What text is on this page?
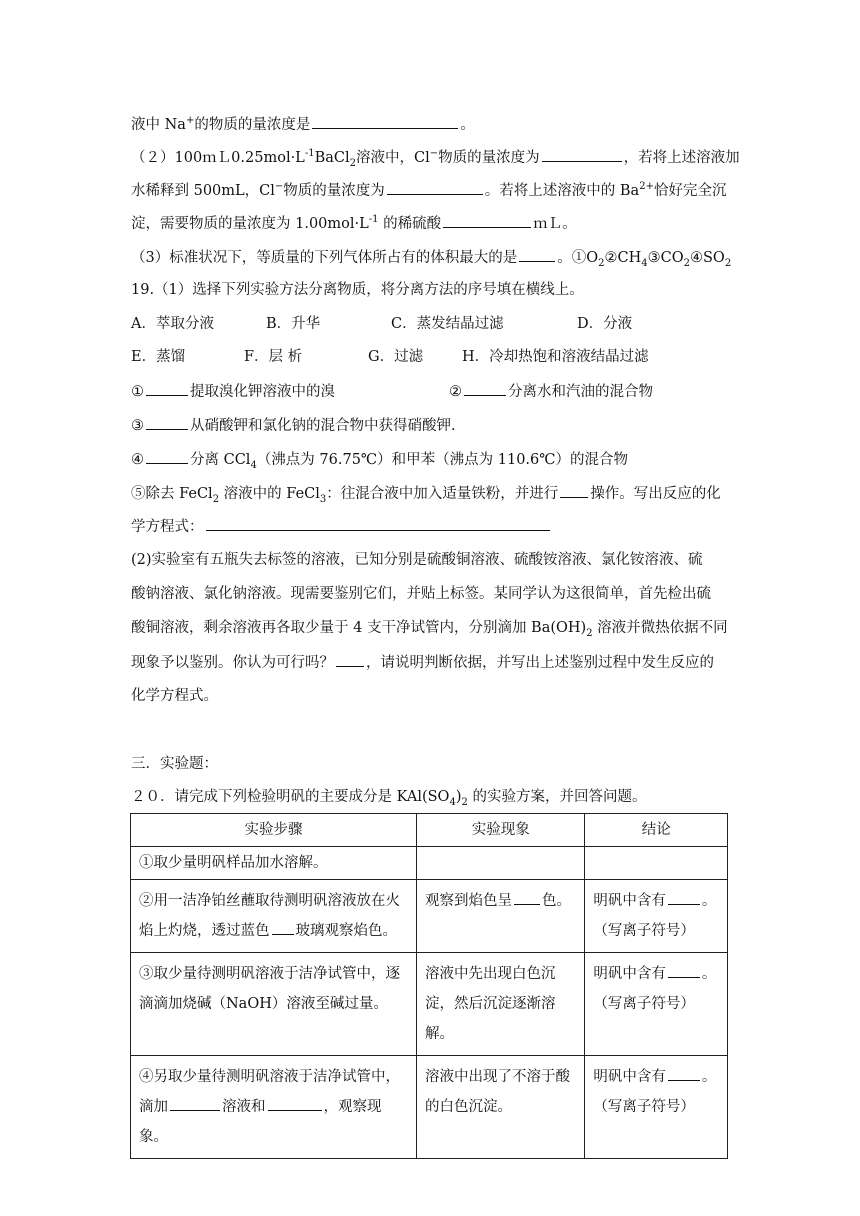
液中 Na+的物质的量浓度是	。
$(2)100mL0.25mol\cdot L^{-1}BaCl_2$溶液中，Cl−物质的量浓度为	，若将上述溶液加
水稀释到 500mL，Cl−物质的量浓度为	。若将上述溶液中的 $Ba^{2+}$恰好完全沉
淀，需要物质的量浓度为 $1.00mol\cdot L^{-1}$ 的稀硫酸	ｍＬ。
（3）标准状况下，等质量的下列气体所占有的体积最大的是	。$①O_2②CH_4③CO_2④SO_2$
19.（1）选择下列实验方法分离物质，将分离方法的序号填在横线上。
A．萃取分液	B．升华	C．蒸发结晶过滤	D．分液
E．蒸馏	F．层 析	G．过滤	H．冷却热饱和溶液结晶过滤
①	提取溴化钾溶液中的溴	②	分离水和汽油的混合物
③	从硝酸钾和氯化钠的混合物中获得硝酸钾.
④	分离 CCl$_4$（沸点为 76.75℃）和甲苯（沸点为 110.6℃）的混合物
⑤除去 FeCl$_2$ 溶液中的 FeCl$_3$：往混合液中加入适量铁粉，并进行 操作。写出反应的化
学方程式：
(2)实验室有五瓶失去标签的溶液，已知分别是硫酸铜溶液、硫酸铵溶液、氯化铵溶液、硫
酸钠溶液、氯化钠溶液。现需要鉴别它们，并贴上标签。某同学认为这很简单，首先检出硫
酸铜溶液，剩余溶液再各取少量于 4 支干净试管内，分别滴加 $Ba(OH)_2$ 溶液并微热依据不同
现象予以鉴别。你认为可行吗？ ，请说明判断依据，并写出上述鉴别过程中发生反应的
化学方程式。
三．实验题：
２０．请完成下列检验明矾的主要成分是 $KAl(SO_4)_2$ 的实验方案，并回答问题。
实验步骤	实验现象	结论
①取少量明矾样品加水溶解。		
②用一洁净铂丝蘸取待测明矾溶液放在火焰上灼烧，透过蓝色 玻璃观察焰色。	观察到焰色呈 色。	明矾中含有 。
（写离子符号）
③取少量待测明矾溶液于洁净试管中，逐滴滴加烧碱（NaOH）溶液至碱过量。	溶液中先出现白色沉淀，然后沉淀逐渐溶解。	明矾中含有 。
（写离子符号）
④另取少量待测明矾溶液于洁净试管中，滴加 溶液和 ，观察现象。	溶液中出现了不溶于酸的白色沉淀。	明矾中含有 。
（写离子符号）
